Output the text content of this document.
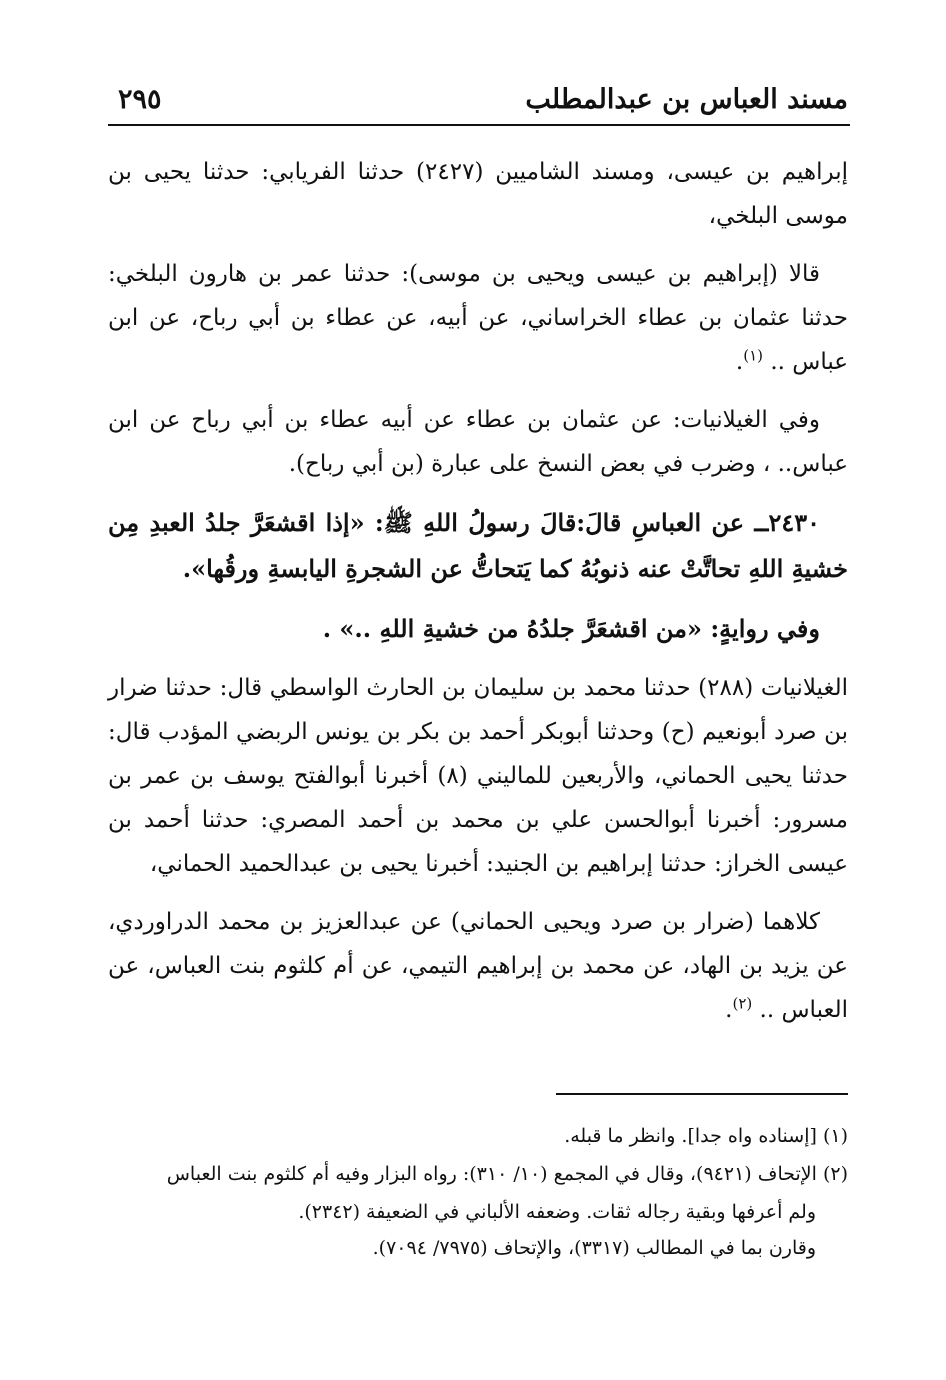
مسند العباس بن عبدالمطلب
٢٩٥

إبراهيم بن عيسى، ومسند الشاميين (٢٤٢٧) حدثنا الفريابي: حدثنا يحيى بن موسى البلخي،

قالا (إبراهيم بن عيسى ويحيى بن موسى): حدثنا عمر بن هارون البلخي: حدثنا عثمان بن عطاء الخراساني، عن أبيه، عن عطاء بن أبي رباح، عن ابن عباس .. $^{(١)}$.

وفي الغيلانيات: عن عثمان بن عطاء عن أبيه عطاء بن أبي رباح عن ابن عباس.. ، وضرب في بعض النسخ على عبارة (بن أبي رباح).

٢٤٣٠ــ عن العباسِ قالَ:قالَ رسولُ اللهِ ﷺ: «إذا اقشعَرَّ جلدُ العبدِ مِن خشيةِ اللهِ تحاتَّتْ عنه ذنوبُهُ كما يَتحاتُّ عن الشجرةِ اليابسةِ ورقُها».

وفي روايةٍ: «من اقشعَرَّ جلدُهُ من خشيةِ اللهِ ..» .

الغيلانيات (٢٨٨) حدثنا محمد بن سليمان بن الحارث الواسطي قال: حدثنا ضرار بن صرد أبونعيم (ح) وحدثنا أبوبكر أحمد بن بكر بن يونس الربضي المؤدب قال: حدثنا يحيى الحماني، والأربعين للماليني (٨) أخبرنا أبوالفتح يوسف بن عمر بن مسرور: أخبرنا أبوالحسن علي بن محمد بن أحمد المصري: حدثنا أحمد بن عيسى الخراز: حدثنا إبراهيم بن الجنيد: أخبرنا يحيى بن عبدالحميد الحماني،

كلاهما (ضرار بن صرد ويحيى الحماني) عن عبدالعزيز بن محمد الدراوردي، عن يزيد بن الهاد، عن محمد بن إبراهيم التيمي، عن أم كلثوم بنت العباس، عن العباس .. $^{(٢)}$.

(١) [إسناده واه جدا]. وانظر ما قبله.

(٢) الإتحاف (٩٤٢١)، وقال في المجمع (١٠/ ٣١٠): رواه البزار وفيه أم كلثوم بنت العباس

ولم أعرفها وبقية رجاله ثقات. وضعفه الألباني في الضعيفة (٢٣٤٢).

وقارن بما في المطالب (٣٣١٧)، والإتحاف (٧٩٧٥/ ٧٠٩٤).
